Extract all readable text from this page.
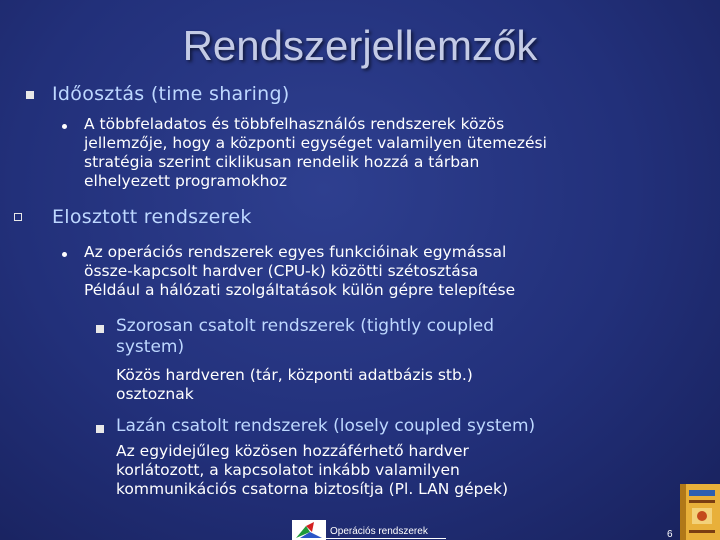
Rendszerjellemzők
Időosztás (time sharing)
A többfeladatos és többfelhasználós rendszerek közös
jellemzője, hogy a központi egységet valamilyen ütemezési
stratégia szerint ciklikusan rendelik hozzá a tárban
elhelyezett programokhoz
Elosztott rendszerek
Az operációs rendszerek egyes funkcióinak egymással
össze-kapcsolt hardver (CPU-k) közötti szétosztása
Például a hálózati szolgáltatások külön gépre telepítése
Szorosan csatolt rendszerek (tightly coupled
system)
Közös hardveren (tár, központi adatbázis stb.)
osztoznak
Lazán csatolt rendszerek (losely coupled system)
Az egyidejűleg közösen hozzáférhető hardver
korlátozott, a kapcsolatot inkább valamilyen
kommunikációs csatorna biztosítja (Pl. LAN gépek)
Operációs rendszerek	6
